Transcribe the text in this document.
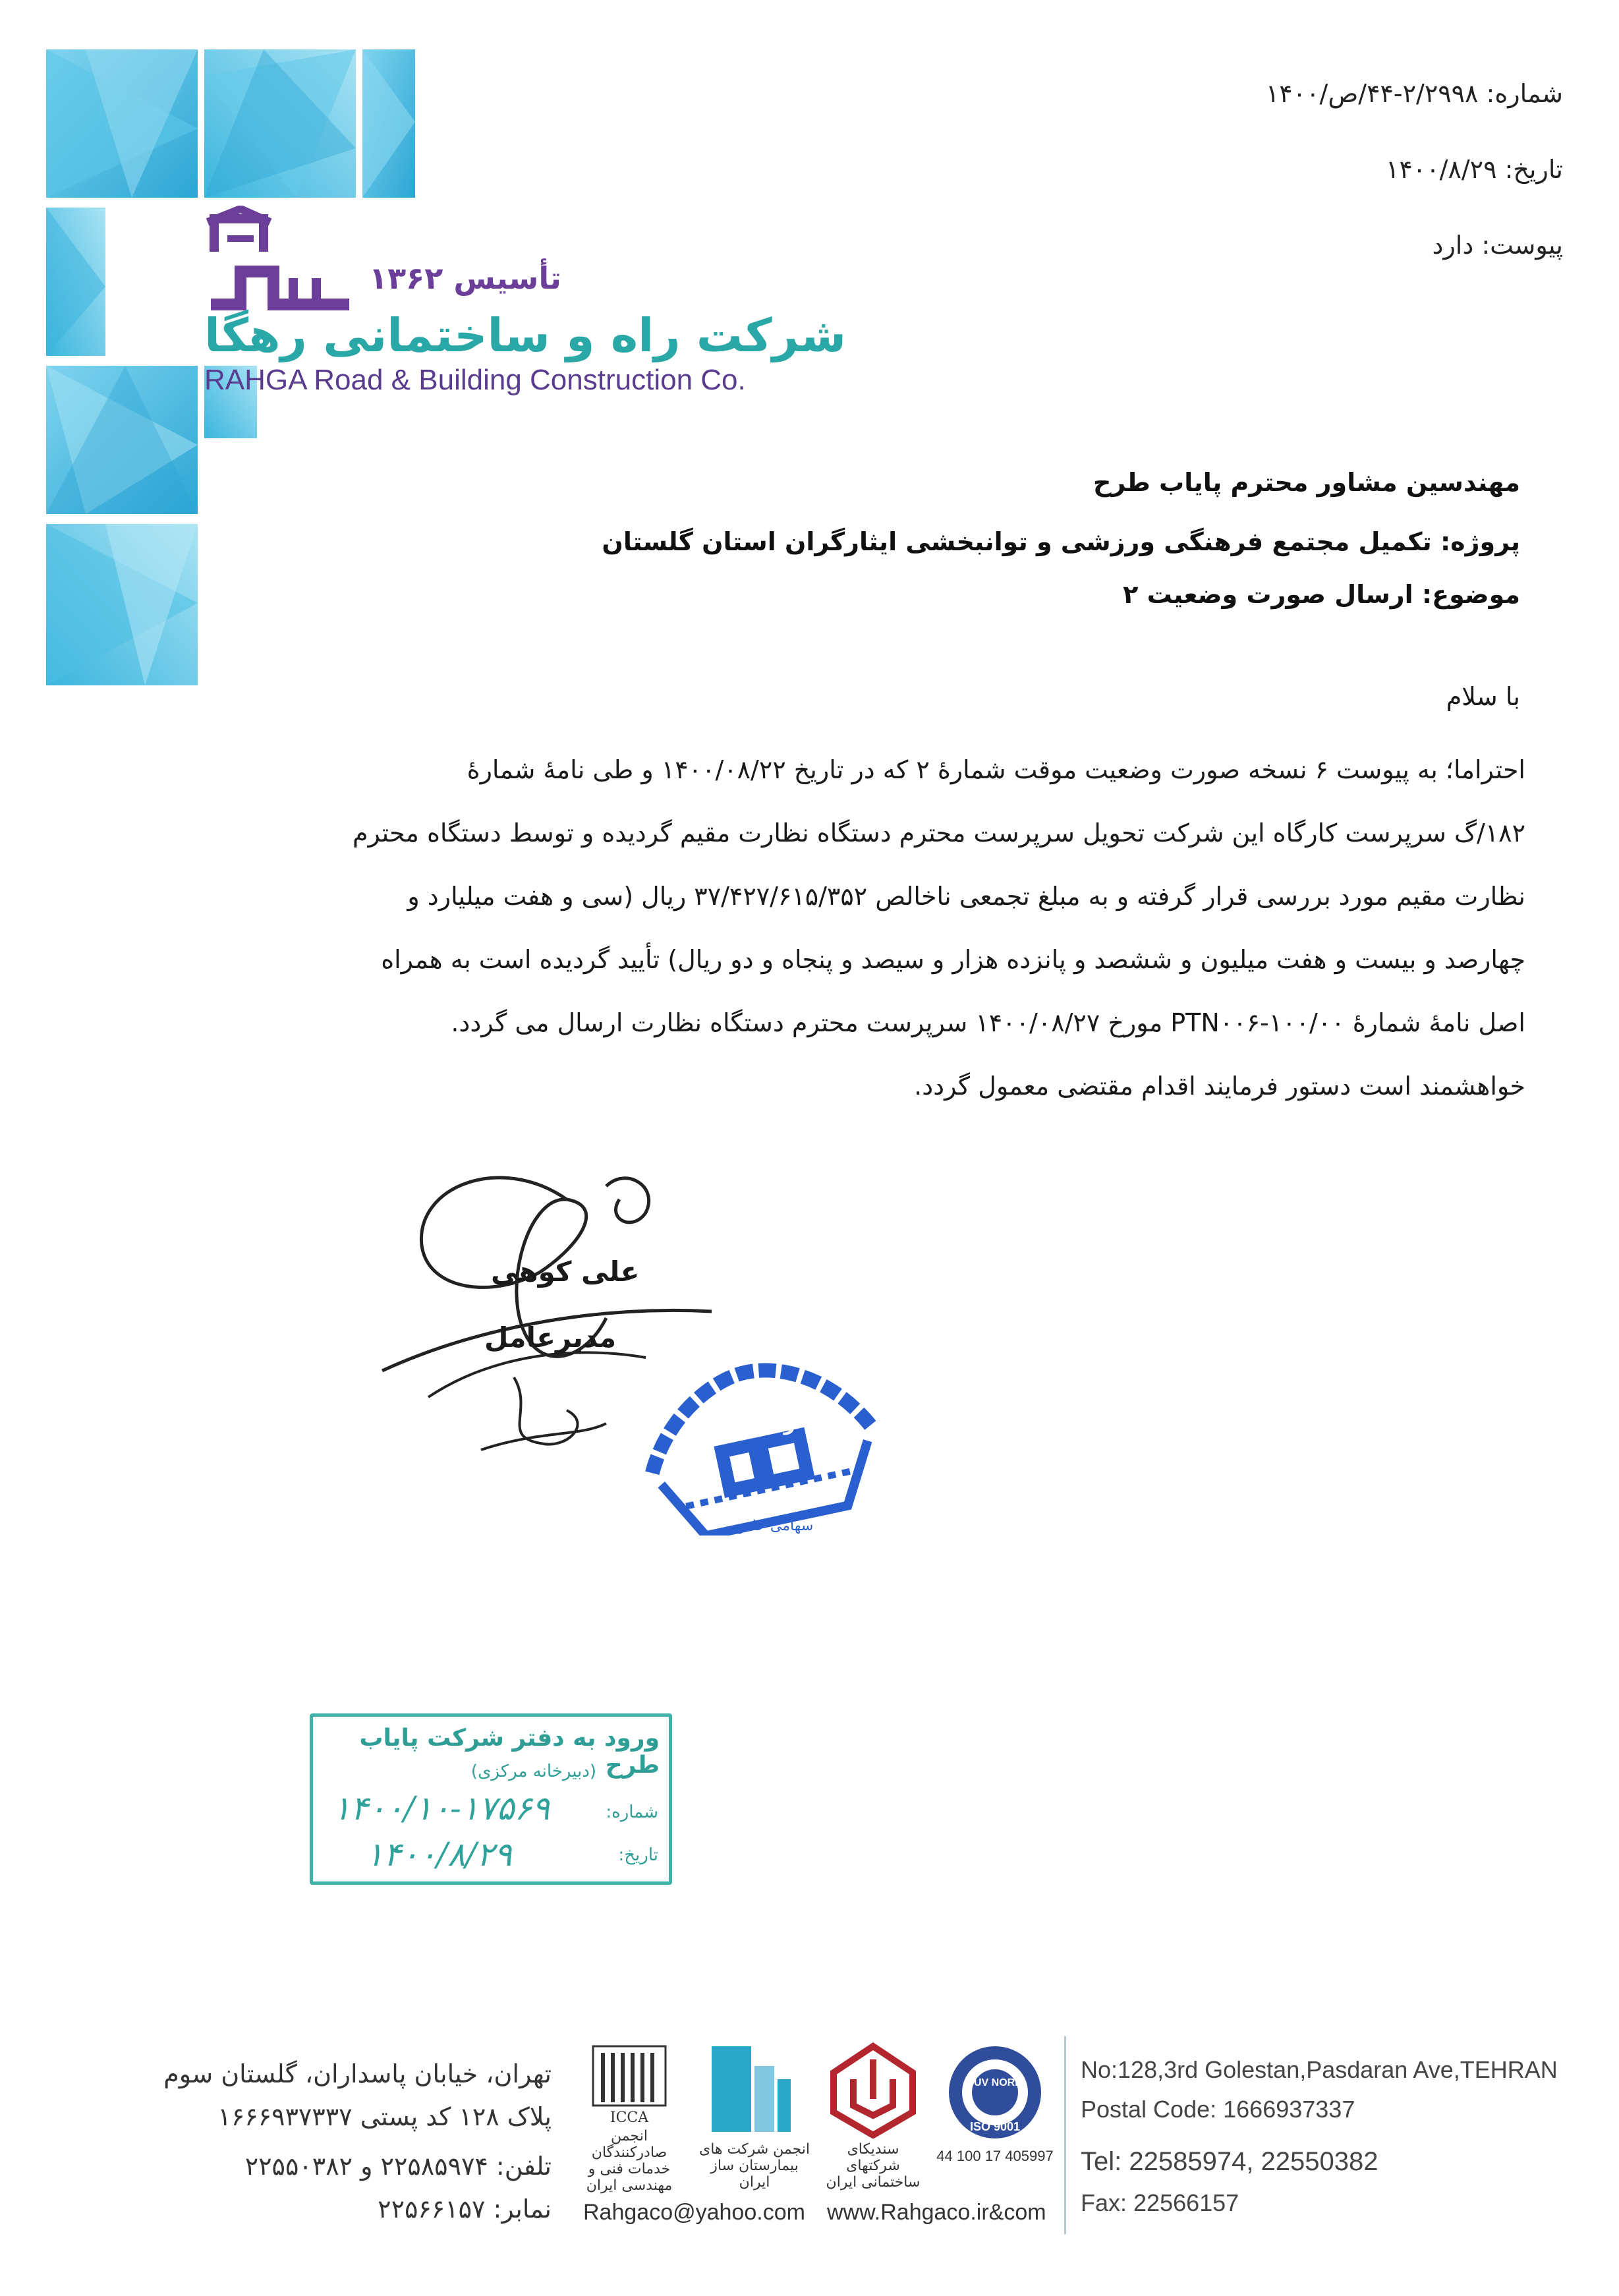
تأسیس ۱۳۶۲
شرکت راه و ساختمانی رهگا
RAHGA Road & Building Construction Co.
شماره: ۲/۲۹۹۸-۴۴/ص/۱۴۰۰
تاریخ: ۱۴۰۰/۸/۲۹
پیوست: دارد
مهندسین مشاور محترم پایاب طرح
پروژه: تکمیل مجتمع فرهنگی ورزشی و توانبخشی ایثارگران استان گلستان
موضوع: ارسال صورت وضعیت ۲
با سلام

احتراما؛ به پیوست ۶ نسخه صورت وضعیت موقت شمارهٔ ۲ که در تاریخ ۱۴۰۰/۰۸/۲۲ و طی نامهٔ شمارهٔ

۱۸۲/گ سرپرست کارگاه این شرکت تحویل سرپرست محترم دستگاه نظارت مقیم گردیده و توسط دستگاه محترم

نظارت مقیم مورد بررسی قرار گرفته و به مبلغ تجمعی ناخالص ۳۷/۴۲۷/۶۱۵/۳۵۲ ریال (سی و هفت میلیارد و

چهارصد و بیست و هفت میلیون و ششصد و پانزده هزار و سیصد و پنجاه و دو ریال) تأیید گردیده است به همراه

اصل نامهٔ شمارهٔ PTN۰۰۶-۱۰۰/۰۰ مورخ ۱۴۰۰/۰۸/۲۷ سرپرست محترم دستگاه نظارت ارسال می گردد.

خواهشمند است دستور فرمایند اقدام مقتضی معمول گردد.

علی کوهی
مدیرعامل
سهامی خاص
رهگا
ورود به دفتر شرکت پایاب طرح
(دبیرخانه مرکزی)
شماره:
تاریخ:
۱۴۰۰/۱۰-۱۷۵۶۹
۱۴۰۰/۸/۲۹
تهران، خیابان پاسداران، گلستان سوم
پلاک ۱۲۸ کد پستی ۱۶۶۶۹۳۷۳۳۷
تلفن: ۲۲۵۸۵۹۷۴ و ۲۲۵۵۰۳۸۲
نمابر: ۲۲۵۶۶۱۵۷
ICCA
انجمن صادرکنندگان خدمات فنی و مهندسی ایران
انجمن شرکت های بیمارستان ساز ایران
سندیکای شرکتهای ساختمانی ایران
TUV NORD
ISO 9001
44 100 17 405997
Rahgaco@yahoo.com www.Rahgaco.ir&com
No:128,3rd Golestan,Pasdaran Ave,TEHRAN
Postal Code: 1666937337
Tel: 22585974, 22550382
Fax: 22566157
